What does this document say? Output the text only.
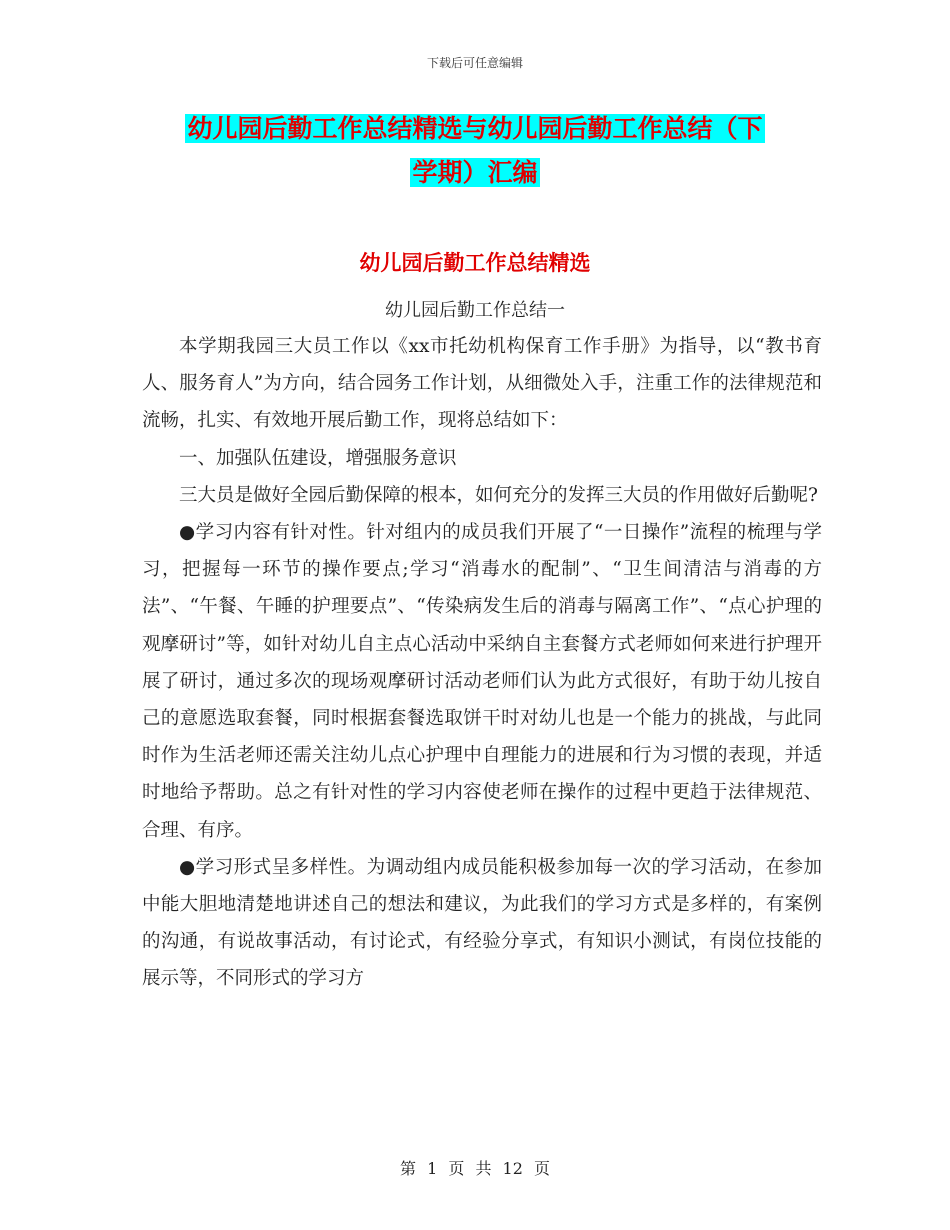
下载后可任意编辑
幼儿园后勤工作总结精选与幼儿园后勤工作总结（下
学期）汇编
幼儿园后勤工作总结精选
幼儿园后勤工作总结一

本学期我园三大员工作以《xx市托幼机构保育工作手册》为指导，以“教书育人、服务育人”为方向，结合园务工作计划，从细微处入手，注重工作的法律规范和流畅，扎实、有效地开展后勤工作，现将总结如下：

一、加强队伍建设，增强服务意识

三大员是做好全园后勤保障的根本，如何充分的发挥三大员的作用做好后勤呢?

●学习内容有针对性。针对组内的成员我们开展了“一日操作”流程的梳理与学习，把握每一环节的操作要点;学习“消毒水的配制”、“卫生间清洁与消毒的方法”、“午餐、午睡的护理要点”、“传染病发生后的消毒与隔离工作”、“点心护理的观摩研讨”等，如针对幼儿自主点心活动中采纳自主套餐方式老师如何来进行护理开展了研讨，通过多次的现场观摩研讨活动老师们认为此方式很好，有助于幼儿按自己的意愿选取套餐，同时根据套餐选取饼干时对幼儿也是一个能力的挑战，与此同时作为生活老师还需关注幼儿点心护理中自理能力的进展和行为习惯的表现，并适时地给予帮助。总之有针对性的学习内容使老师在操作的过程中更趋于法律规范、合理、有序。

●学习形式呈多样性。为调动组内成员能积极参加每一次的学习活动，在参加中能大胆地清楚地讲述自己的想法和建议，为此我们的学习方式是多样的，有案例的沟通，有说故事活动，有讨论式，有经验分享式，有知识小测试，有岗位技能的展示等，不同形式的学习方

第 1 页 共 12 页
